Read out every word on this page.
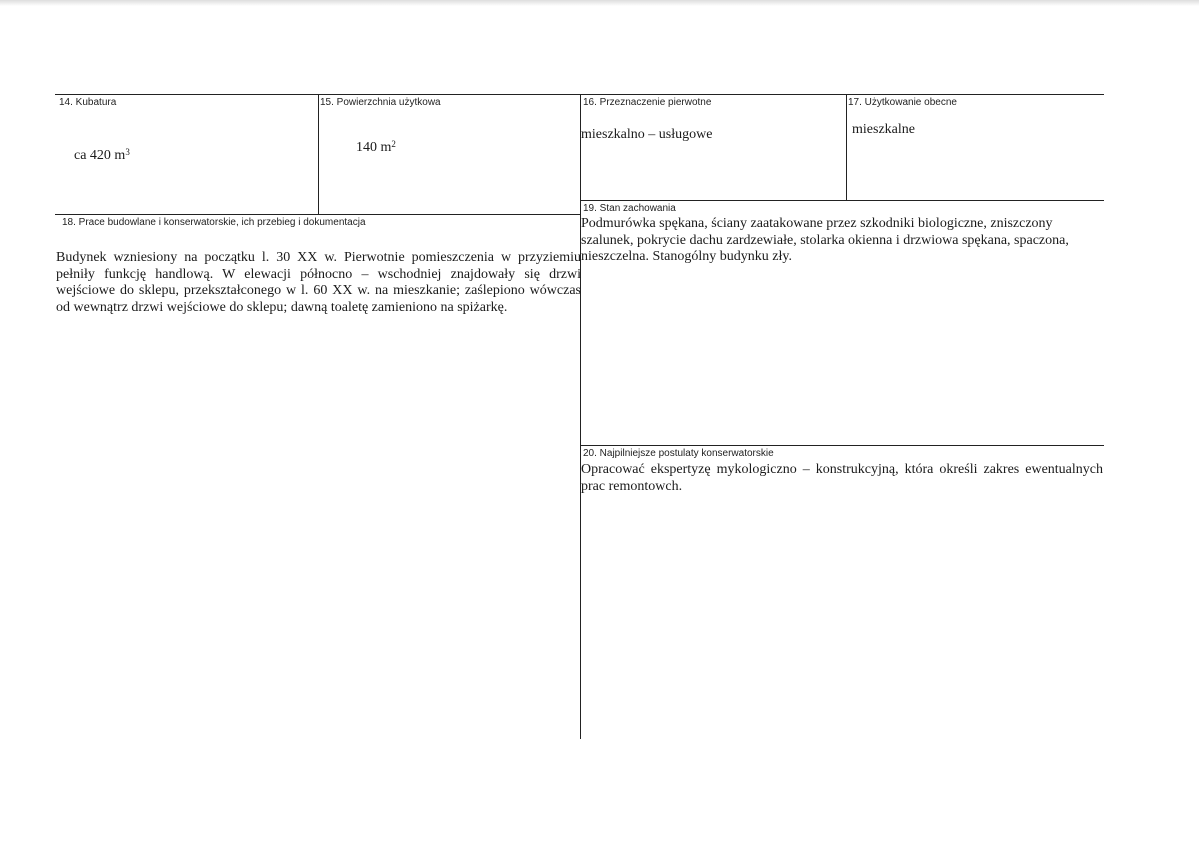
14. Kubatura
ca 420 $m^3$
15. Powierzchnia użytkowa
140 $m^2$
16. Przeznaczenie pierwotne
mieszkalno – usługowe
17. Użytkowanie obecne
mieszkalne
19. Stan zachowania
Podmurówka spękana, ściany zaatakowane przez szkodniki biologiczne, zniszczony szalunek, pokrycie dachu zardzewiałe, stolarka okienna i drzwiowa spękana, spaczona, nieszczelna. Stanogólny budynku zły.
18. Prace budowlane i konserwatorskie, ich przebieg i dokumentacja
Budynek wzniesiony na początku l. 30 XX w. Pierwotnie pomieszczenia w przyziemiu pełniły funkcję handlową. W elewacji północno – wschodniej znajdowały się drzwi wejściowe do sklepu, przekształconego w l. 60 XX w. na mieszkanie; zaślepiono wówczas od wewnątrz drzwi wejściowe do sklepu; dawną toaletę zamieniono na spiżarkę.
20. Najpilniejsze postulaty konserwatorskie
Opracować ekspertyzę mykologiczno – konstrukcyjną, która określi zakres ewentualnych prac remontowch.
